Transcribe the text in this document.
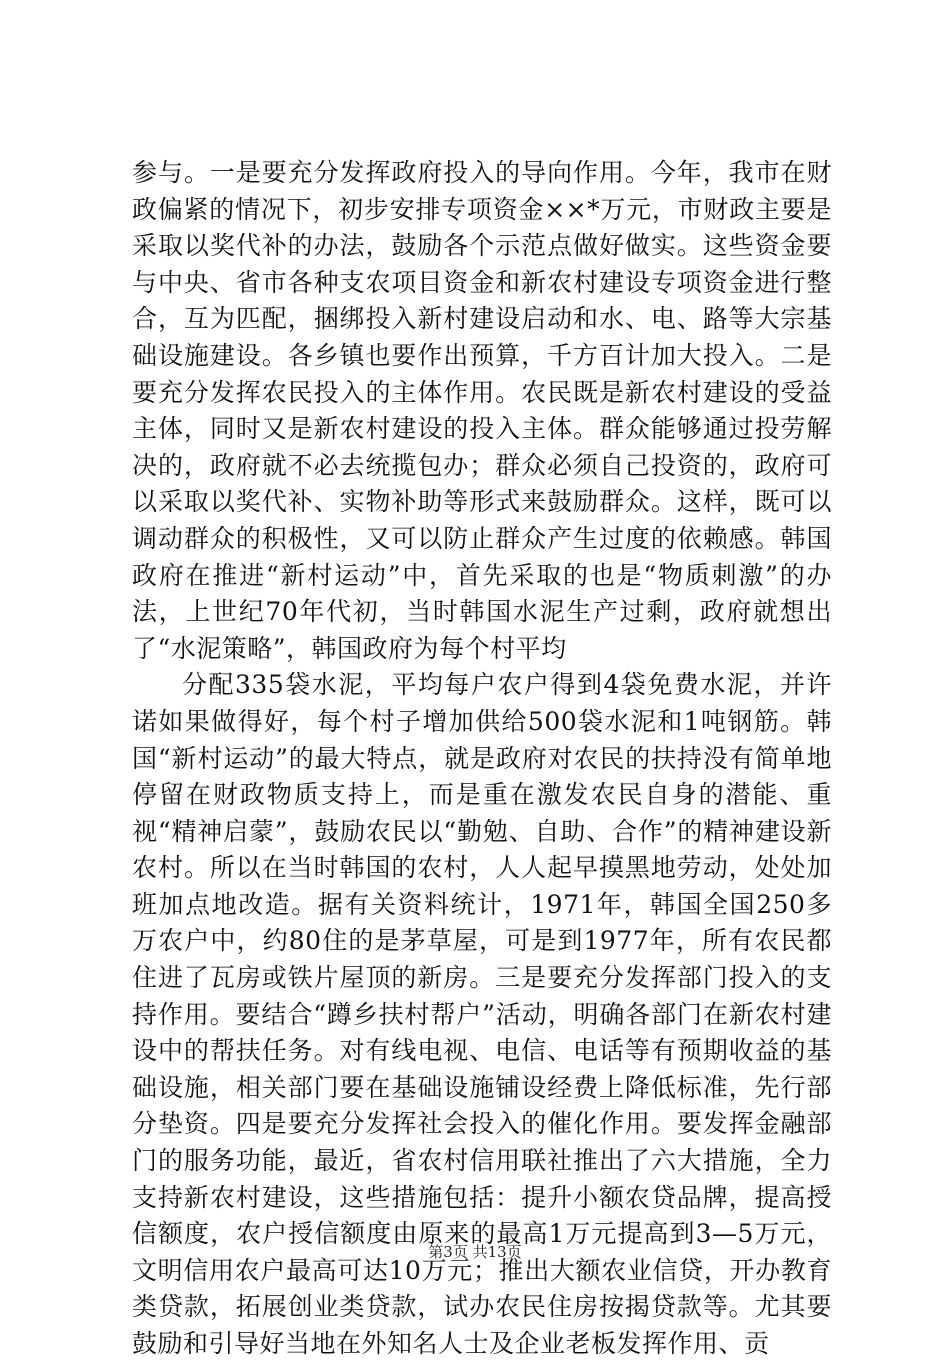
参与。一是要充分发挥政府投入的导向作用。今年，我市在财政偏紧的情况下，初步安排专项资金××*万元，市财政主要是采取以奖代补的办法，鼓励各个示范点做好做实。这些资金要与中央、省市各种支农项目资金和新农村建设专项资金进行整合，互为匹配，捆绑投入新村建设启动和水、电、路等大宗基础设施建设。各乡镇也要作出预算，千方百计加大投入。二是要充分发挥农民投入的主体作用。农民既是新农村建设的受益主体，同时又是新农村建设的投入主体。群众能够通过投劳解决的，政府就不必去统揽包办；群众必须自己投资的，政府可以采取以奖代补、实物补助等形式来鼓励群众。这样，既可以调动群众的积极性，又可以防止群众产生过度的依赖感。韩国政府在推进“新村运动”中，首先采取的也是“物质刺激”的办法，上世纪70年代初，当时韩国水泥生产过剩，政府就想出了“水泥策略”，韩国政府为每个村平均

分配335袋水泥，平均每户农户得到4袋免费水泥，并许诺如果做得好，每个村子增加供给500袋水泥和1吨钢筋。韩国“新村运动”的最大特点，就是政府对农民的扶持没有简单地停留在财政物质支持上，而是重在激发农民自身的潜能、重视“精神启蒙”，鼓励农民以“勤勉、自助、合作”的精神建设新农村。所以在当时韩国的农村，人人起早摸黑地劳动，处处加班加点地改造。据有关资料统计，1971年，韩国全国250多万农户中，约80住的是茅草屋，可是到1977年，所有农民都住进了瓦房或铁片屋顶的新房。三是要充分发挥部门投入的支持作用。要结合“蹲乡扶村帮户”活动，明确各部门在新农村建设中的帮扶任务。对有线电视、电信、电话等有预期收益的基础设施，相关部门要在基础设施铺设经费上降低标准，先行部分垫资。四是要充分发挥社会投入的催化作用。要发挥金融部门的服务功能，最近，省农村信用联社推出了六大措施，全力支持新农村建设，这些措施包括：提升小额农贷品牌，提高授信额度，农户授信额度由原来的最高1万元提高到3—5万元，文明信用农户最高可达10万元；推出大额农业信贷，开办教育类贷款，拓展创业类贷款，试办农民住房按揭贷款等。尤其要鼓励和引导好当地在外知名人士及企业老板发挥作用、贡

第3页 共13页
